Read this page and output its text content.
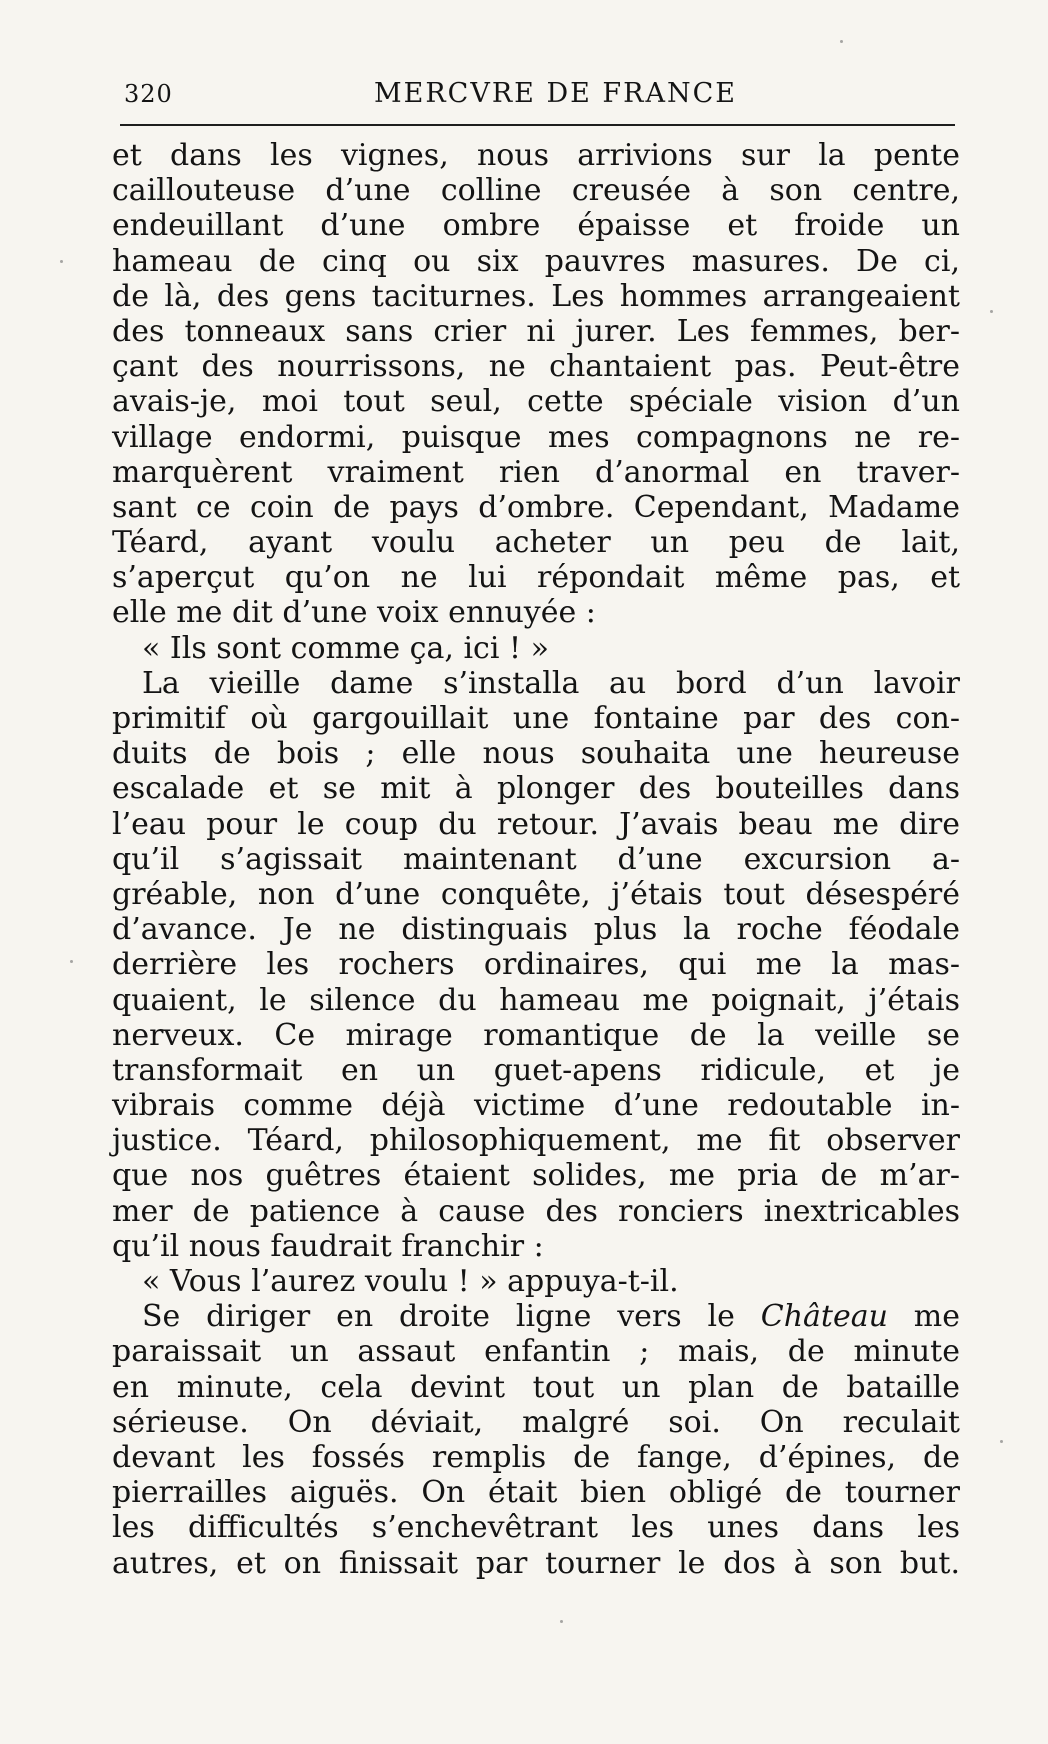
320	MERCVRE DE FRANCE
et dans les vignes, nous arrivions sur la pente
caillouteuse d’une colline creusée à son centre,
endeuillant d’une ombre épaisse et froide un
hameau de cinq ou six pauvres masures. De ci,
de là, des gens taciturnes. Les hommes arrangeaient
des tonneaux sans crier ni jurer. Les femmes, ber-
çant des nourrissons, ne chantaient pas. Peut-être
avais-je, moi tout seul, cette spéciale vision d’un
village endormi, puisque mes compagnons ne re-
marquèrent vraiment rien d’anormal en traver-
sant ce coin de pays d’ombre. Cependant, Madame
Téard, ayant voulu acheter un peu de lait,
s’aperçut qu’on ne lui répondait même pas, et
elle me dit d’une voix ennuyée :
« Ils sont comme ça, ici ! »
La vieille dame s’installa au bord d’un lavoir
primitif où gargouillait une fontaine par des con-
duits de bois ; elle nous souhaita une heureuse
escalade et se mit à plonger des bouteilles dans
l’eau pour le coup du retour. J’avais beau me dire
qu’il s’agissait maintenant d’une excursion a-
gréable, non d’une conquête, j’étais tout désespéré
d’avance. Je ne distinguais plus la roche féodale
derrière les rochers ordinaires, qui me la mas-
quaient, le silence du hameau me poignait, j’étais
nerveux. Ce mirage romantique de la veille se
transformait en un guet-apens ridicule, et je
vibrais comme déjà victime d’une redoutable in-
justice. Téard, philosophiquement, me fit observer
que nos guêtres étaient solides, me pria de m’ar-
mer de patience à cause des ronciers inextricables
qu’il nous faudrait franchir :
« Vous l’aurez voulu ! » appuya-t-il.
Se diriger en droite ligne vers le Château me
paraissait un assaut enfantin ; mais, de minute
en minute, cela devint tout un plan de bataille
sérieuse. On déviait, malgré soi. On reculait
devant les fossés remplis de fange, d’épines, de
pierrailles aiguës. On était bien obligé de tourner
les difficultés s’enchevêtrant les unes dans les
autres, et on finissait par tourner le dos à son but.
